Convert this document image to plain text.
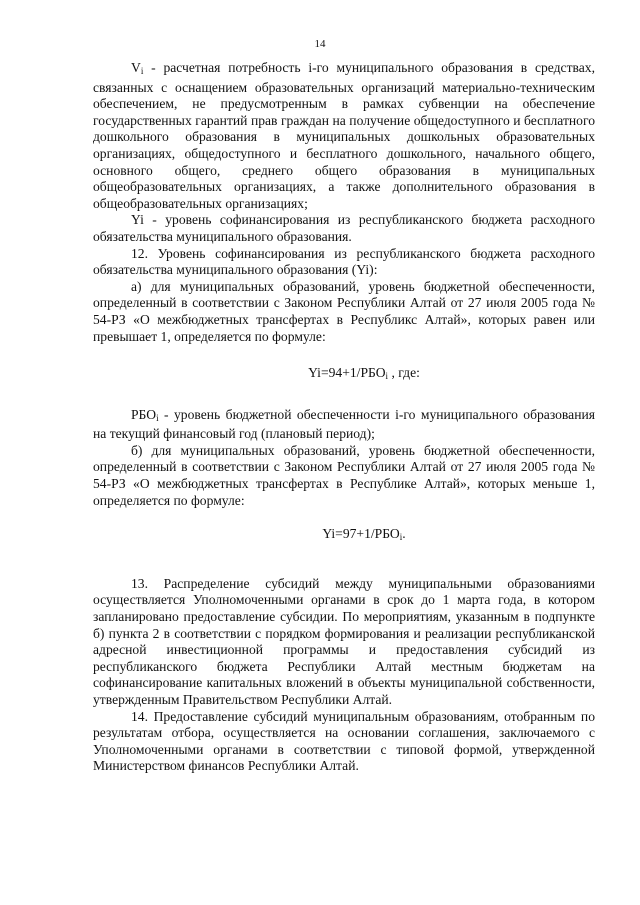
14

$V_i$ - расчетная потребность i-го муниципального образования в средствах, связанных с оснащением образовательных организаций материально-техническим обеспечением, не предусмотренным в рамках субвенции на обеспечение государственных гарантий прав граждан на получение общедоступного и бесплатного дошкольного образования в муниципальных дошкольных образовательных организациях, общедоступного и бесплатного дошкольного, начального общего, основного общего, среднего общего образования в муниципальных общеобразовательных организациях, а также дополнительного образования в общеобразовательных организациях;

Yi - уровень софинансирования из республиканского бюджета расходного обязательства муниципального образования.

12. Уровень софинансирования из республиканского бюджета расходного обязательства муниципального образования (Yi):

а) для муниципальных образований, уровень бюджетной обеспеченности, определенный в соответствии с Законом Республики Алтай от 27 июля 2005 года № 54-РЗ «О межбюджетных трансфертах в Республикс Алтай», которых равен или превышает 1, определяется по формуле:

$Yi=94+1/РБО_i$ , где:

$РБО_i$ - уровень бюджетной обеспеченности i-го муниципального образования на текущий финансовый год (плановый период);

б) для муниципальных образований, уровень бюджетной обеспеченности, определенный в соответствии с Законом Республики Алтай от 27 июля 2005 года № 54-РЗ «О межбюджетных трансфертах в Республике Алтай», которых меньше 1, определяется по формуле:

$Yi=97+1/РБО_i$.

13. Распределение субсидий между муниципальными образованиями осуществляется Уполномоченными органами в срок до 1 марта года, в котором запланировано предоставление субсидии. По мероприятиям, указанным в подпункте б) пункта 2 в соответствии с порядком формирования и реализации республиканской адресной инвестиционной программы и предоставления субсидий из республиканского бюджета Республики Алтай местным бюджетам на софинансирование капитальных вложений в объекты муниципальной собственности, утвержденным Правительством Республики Алтай.

14. Предоставление субсидий муниципальным образованиям, отобранным по результатам отбора, осуществляется на основании соглашения, заключаемого с Уполномоченными органами в соответствии с типовой формой, утвержденной Министерством финансов Республики Алтай.
